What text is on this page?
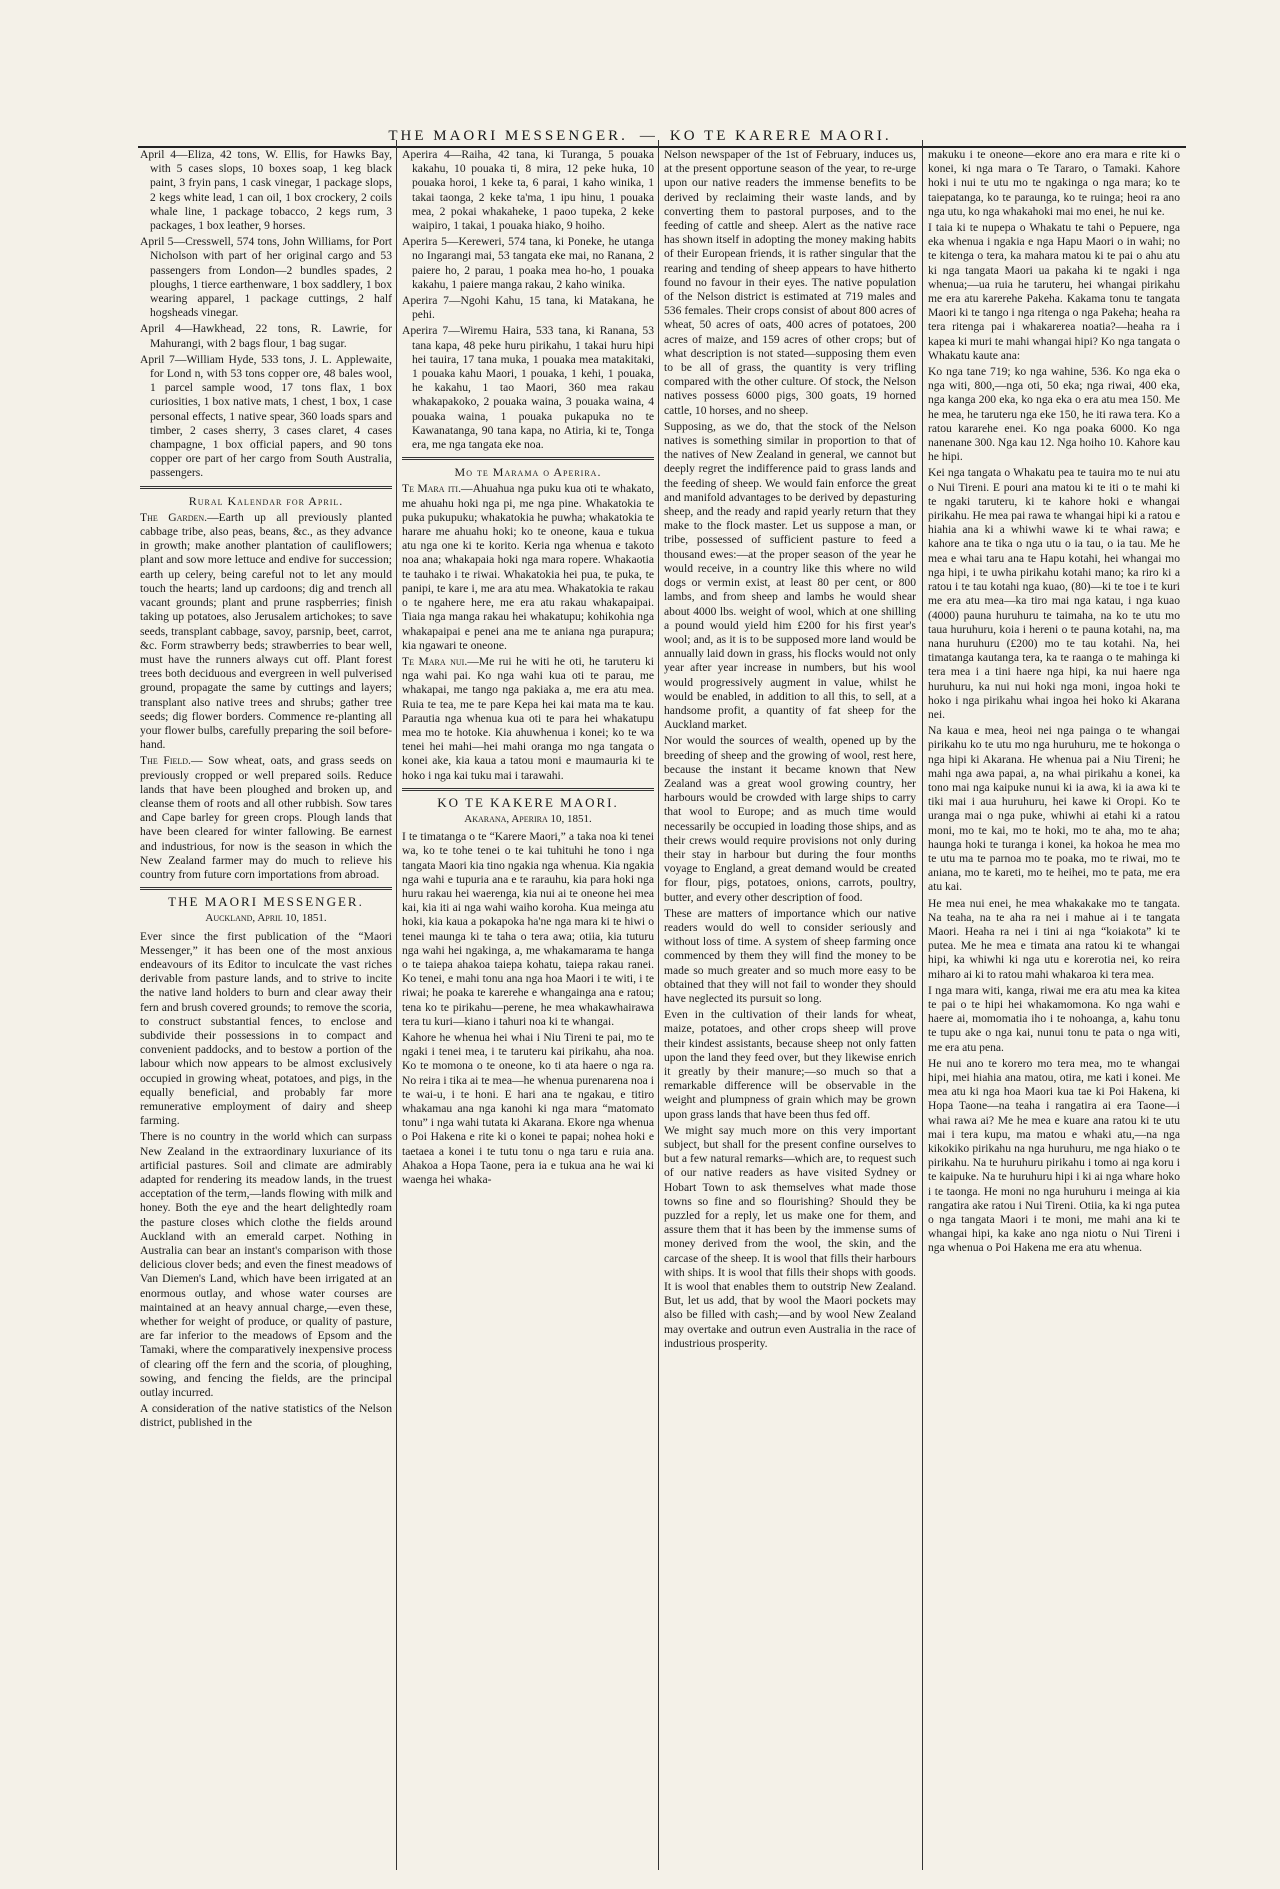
THE MAORI MESSENGER. — KO TE KARERE MAORI.

April 4—Eliza, 42 tons, W. Ellis, for Hawks Bay, with 5 cases slops, 10 boxes soap, 1 keg black paint, 3 fryin pans, 1 cask vinegar, 1 package slops, 2 kegs white lead, 1 can oil, 1 box crockery, 2 coils whale line, 1 package tobacco, 2 kegs rum, 3 packages, 1 box leather, 9 horses.

April 5—Cresswell, 574 tons, John Williams, for Port Nicholson with part of her original cargo and 53 passengers from London—2 bundles spades, 2 ploughs, 1 tierce earthenware, 1 box saddlery, 1 box wearing apparel, 1 package cuttings, 2 half hogsheads vinegar.

April 4—Hawkhead, 22 tons, R. Lawrie, for Mahurangi, with 2 bags flour, 1 bag sugar.

April 7—William Hyde, 533 tons, J. L. Applewaite, for Lond n, with 53 tons copper ore, 48 bales wool, 1 parcel sample wood, 17 tons flax, 1 box curiosities, 1 box native mats, 1 chest, 1 box, 1 case personal effects, 1 native spear, 360 loads spars and timber, 2 cases sherry, 3 cases claret, 4 cases champagne, 1 box official papers, and 90 tons copper ore part of her cargo from South Australia, passengers.

Rural Kalendar for April.

The Garden.—Earth up all previously planted cabbage tribe, also peas, beans, &c., as they advance in growth; make another plantation of cauliflowers; plant and sow more lettuce and endive for succession; earth up celery, being careful not to let any mould touch the hearts; land up cardoons; dig and trench all vacant grounds; plant and prune raspberries; finish taking up potatoes, also Jerusalem artichokes; to save seeds, transplant cabbage, savoy, parsnip, beet, carrot, &c. Form strawberry beds; strawberries to bear well, must have the runners always cut off. Plant forest trees both deciduous and evergreen in well pulverised ground, propagate the same by cuttings and layers; transplant also native trees and shrubs; gather tree seeds; dig flower borders. Commence re-planting all your flower bulbs, carefully preparing the soil before-hand.

The Field.— Sow wheat, oats, and grass seeds on previously cropped or well prepared soils. Reduce lands that have been ploughed and broken up, and cleanse them of roots and all other rubbish. Sow tares and Cape barley for green crops. Plough lands that have been cleared for winter fallowing. Be earnest and industrious, for now is the season in which the New Zealand farmer may do much to relieve his country from future corn importations from abroad.

THE MAORI MESSENGER.
Auckland, April 10, 1851.

Ever since the first publication of the “Maori Messenger,” it has been one of the most anxious endeavours of its Editor to inculcate the vast riches derivable from pasture lands, and to strive to incite the native land holders to burn and clear away their fern and brush covered grounds; to remove the scoria, to construct substantial fences, to enclose and subdivide their possessions in to compact and convenient paddocks, and to bestow a portion of the labour which now appears to be almost exclusively occupied in growing wheat, potatoes, and pigs, in the equally beneficial, and probably far more remunerative employment of dairy and sheep farming.

There is no country in the world which can surpass New Zealand in the extraordinary luxuriance of its artificial pastures. Soil and climate are admirably adapted for rendering its meadow lands, in the truest acceptation of the term,—lands flowing with milk and honey. Both the eye and the heart delightedly roam the pasture closes which clothe the fields around Auckland with an emerald carpet. Nothing in Australia can bear an instant's comparison with those delicious clover beds; and even the finest meadows of Van Diemen's Land, which have been irrigated at an enormous outlay, and whose water courses are maintained at an heavy annual charge,—even these, whether for weight of produce, or quality of pasture, are far inferior to the meadows of Epsom and the Tamaki, where the comparatively inexpensive process of clearing off the fern and the scoria, of ploughing, sowing, and fencing the fields, are the principal outlay incurred.

A consideration of the native statistics of the Nelson district, published in the

Aperira 4—Raiha, 42 tana, ki Turanga, 5 pouaka kakahu, 10 pouaka ti, 8 mira, 12 peke huka, 10 pouaka horoi, 1 keke ta, 6 parai, 1 kaho winika, 1 takai taonga, 2 keke ta'ma, 1 ipu hinu, 1 pouaka mea, 2 pokai whakaheke, 1 paoo tupeka, 2 keke waipiro, 1 takai, 1 pouaka hiako, 9 hoiho.

Aperira 5—Kereweri, 574 tana, ki Poneke, he utanga no Ingarangi mai, 53 tangata eke mai, no Ranana, 2 paiere ho, 2 parau, 1 poaka mea ho-ho, 1 pouaka kakahu, 1 paiere manga rakau, 2 kaho winika.

Aperira 7—Ngohi Kahu, 15 tana, ki Matakana, he pehi.

Aperira 7—Wiremu Haira, 533 tana, ki Ranana, 53 tana kapa, 48 peke huru pirikahu, 1 takai huru hipi hei tauira, 17 tana muka, 1 pouaka mea matakitaki, 1 pouaka kahu Maori, 1 pouaka, 1 kehi, 1 pouaka, he kakahu, 1 tao Maori, 360 mea rakau whakapakoko, 2 pouaka waina, 3 pouaka waina, 4 pouaka waina, 1 pouaka pukapuka no te Kawanatanga, 90 tana kapa, no Atiria, ki te, Tonga era, me nga tangata eke noa.

Mo te Marama o Aperira.

Te Mara iti.—Ahuahua nga puku kua oti te whakato, me ahuahu hoki nga pi, me nga pine. Whakatokia te puka pukupuku; whakatokia he puwha; whakatokia te harare me ahuahu hoki; ko te oneone, kaua e tukua atu nga one ki te korito. Keria nga whenua e takoto noa ana; whakapaia hoki nga mara ropere. Whakaotia te tauhako i te riwai. Whakatokia hei pua, te puka, te panipi, te kare i, me ara atu mea. Whakatokia te rakau o te ngahere here, me era atu rakau whakapaipai. Tiaia nga manga rakau hei whakatupu; kohikohia nga whakapaipai e penei ana me te aniana nga purapura; kia ngawari te oneone.

Te Mara nui.—Me rui he witi he oti, he taruteru ki nga wahi pai. Ko nga wahi kua oti te parau, me whakapai, me tango nga pakiaka a, me era atu mea. Ruia te tea, me te pare Kepa hei kai mata ma te kau. Parautia nga whenua kua oti te para hei whakatupu mea mo te hotoke. Kia ahuwhenua i konei; ko te wa tenei hei mahi—hei mahi oranga mo nga tangata o konei ake, kia kaua a tatou moni e maumauria ki te hoko i nga kai tuku mai i tarawahi.

KO TE KAKERE MAORI.
Akarana, Aperira 10, 1851.

I te timatanga o te “Karere Maori,” a taka noa ki tenei wa, ko te tohe tenei o te kai tuhituhi he tono i nga tangata Maori kia tino ngakia nga whenua. Kia ngakia nga wahi e tupuria ana e te rarauhu, kia para hoki nga huru rakau hei waerenga, kia nui ai te oneone hei mea kai, kia iti ai nga wahi waiho koroha. Kua meinga atu hoki, kia kaua a pokapoka ha'ne nga mara ki te hiwi o tenei maunga ki te taha o tera awa; otiia, kia tuturu nga wahi hei ngakinga, a, me whakamarama te hanga o te taiepa ahakoa taiepa kohatu, taiepa rakau ranei. Ko tenei, e mahi tonu ana nga hoa Maori i te witi, i te riwai; he poaka te karerehe e whangainga ana e ratou; tena ko te pirikahu—perene, he mea whakawhairawa tera tu kuri—kiano i tahuri noa ki te whangai.

Kahore he whenua hei whai i Niu Tireni te pai, mo te ngaki i tenei mea, i te taruteru kai pirikahu, aha noa. Ko te momona o te oneone, ko ti ata haere o nga ra. No reira i tika ai te mea—he whenua purenarena noa i te wai-u, i te honi. E hari ana te ngakau, e titiro whakamau ana nga kanohi ki nga mara “matomato tonu” i nga wahi tutata ki Akarana. Ekore nga whenua o Poi Hakena e rite ki o konei te papai; nohea hoki e taetaea a konei i te tutu tonu o nga taru e ruia ana. Ahakoa a Hopa Taone, pera ia e tukua ana he wai ki waenga hei whaka-

Nelson newspaper of the 1st of February, induces us, at the present opportune season of the year, to re-urge upon our native readers the immense benefits to be derived by reclaiming their waste lands, and by converting them to pastoral purposes, and to the feeding of cattle and sheep. Alert as the native race has shown itself in adopting the money making habits of their European friends, it is rather singular that the rearing and tending of sheep appears to have hitherto found no favour in their eyes. The native population of the Nelson district is estimated at 719 males and 536 females. Their crops consist of about 800 acres of wheat, 50 acres of oats, 400 acres of potatoes, 200 acres of maize, and 159 acres of other crops; but of what description is not stated—supposing them even to be all of grass, the quantity is very trifling compared with the other culture. Of stock, the Nelson natives possess 6000 pigs, 300 goats, 19 horned cattle, 10 horses, and no sheep.

Supposing, as we do, that the stock of the Nelson natives is something similar in proportion to that of the natives of New Zealand in general, we cannot but deeply regret the indifference paid to grass lands and the feeding of sheep. We would fain enforce the great and manifold advantages to be derived by depasturing sheep, and the ready and rapid yearly return that they make to the flock master. Let us suppose a man, or tribe, possessed of sufficient pasture to feed a thousand ewes:—at the proper season of the year he would receive, in a country like this where no wild dogs or vermin exist, at least 80 per cent, or 800 lambs, and from sheep and lambs he would shear about 4000 lbs. weight of wool, which at one shilling a pound would yield him £200 for his first year's wool; and, as it is to be supposed more land would be annually laid down in grass, his flocks would not only year after year increase in numbers, but his wool would progressively augment in value, whilst he would be enabled, in addition to all this, to sell, at a handsome profit, a quantity of fat sheep for the Auckland market.

Nor would the sources of wealth, opened up by the breeding of sheep and the growing of wool, rest here, because the instant it became known that New Zealand was a great wool growing country, her harbours would be crowded with large ships to carry that wool to Europe; and as much time would necessarily be occupied in loading those ships, and as their crews would require provisions not only during their stay in harbour but during the four months voyage to England, a great demand would be created for flour, pigs, potatoes, onions, carrots, poultry, butter, and every other description of food.

These are matters of importance which our native readers would do well to consider seriously and without loss of time. A system of sheep farming once commenced by them they will find the money to be made so much greater and so much more easy to be obtained that they will not fail to wonder they should have neglected its pursuit so long.

Even in the cultivation of their lands for wheat, maize, potatoes, and other crops sheep will prove their kindest assistants, because sheep not only fatten upon the land they feed over, but they likewise enrich it greatly by their manure;—so much so that a remarkable difference will be observable in the weight and plumpness of grain which may be grown upon grass lands that have been thus fed off.

We might say much more on this very important subject, but shall for the present confine ourselves to but a few natural remarks—which are, to request such of our native readers as have visited Sydney or Hobart Town to ask themselves what made those towns so fine and so flourishing? Should they be puzzled for a reply, let us make one for them, and assure them that it has been by the immense sums of money derived from the wool, the skin, and the carcase of the sheep. It is wool that fills their harbours with ships. It is wool that fills their shops with goods. It is wool that enables them to outstrip New Zealand. But, let us add, that by wool the Maori pockets may also be filled with cash;—and by wool New Zealand may overtake and outrun even Australia in the race of industrious prosperity.

makuku i te oneone—ekore ano era mara e rite ki o konei, ki nga mara o Te Tararo, o Tamaki. Kahore hoki i nui te utu mo te ngakinga o nga mara; ko te taiepatanga, ko te paraunga, ko te ruinga; heoi ra ano nga utu, ko nga whakahoki mai mo enei, he nui ke.

I taia ki te nupepa o Whakatu te tahi o Pepuere, nga eka whenua i ngakia e nga Hapu Maori o in wahi; no te kitenga o tera, ka mahara matou ki te pai o ahu atu ki nga tangata Maori ua pakaha ki te ngaki i nga whenua;—ua ruia he taruteru, hei whangai pirikahu me era atu karerehe Pakeha. Kakama tonu te tangata Maori ki te tango i nga ritenga o nga Pakeha; heaha ra tera ritenga pai i whakarerea noatia?—heaha ra i kapea ki muri te mahi whangai hipi? Ko nga tangata o Whakatu kaute ana:

Ko nga tane 719; ko nga wahine, 536. Ko nga eka o nga witi, 800,—nga oti, 50 eka; nga riwai, 400 eka, nga kanga 200 eka, ko nga eka o era atu mea 150. Me he mea, he taruteru nga eke 150, he iti rawa tera. Ko a ratou kararehe enei. Ko nga poaka 6000. Ko nga nanenane 300. Nga kau 12. Nga hoiho 10. Kahore kau he hipi.

Kei nga tangata o Whakatu pea te tauira mo te nui atu o Nui Tireni. E pouri ana matou ki te iti o te mahi ki te ngaki taruteru, ki te kahore hoki e whangai pirikahu. He mea pai rawa te whangai hipi ki a ratou e hiahia ana ki a whiwhi wawe ki te whai rawa; e kahore ana te tika o nga utu o ia tau, o ia tau. Me he mea e whai taru ana te Hapu kotahi, hei whangai mo nga hipi, i te uwha pirikahu kotahi mano; ka riro ki a ratou i te tau kotahi nga kuao, (80)—ki te toe i te kuri me era atu mea—ka tiro mai nga katau, i nga kuao (4000) pauna huruhuru te taimaha, na ko te utu mo taua huruhuru, koia i hereni o te pauna kotahi, na, ma nana huruhuru (£200) mo te tau kotahi. Na, hei timatanga kautanga tera, ka te raanga o te mahinga ki tera mea i a tini haere nga hipi, ka nui haere nga huruhuru, ka nui nui hoki nga moni, ingoa hoki te hoko i nga pirikahu whai ingoa hei hoko ki Akarana nei.

Na kaua e mea, heoi nei nga painga o te whangai pirikahu ko te utu mo nga huruhuru, me te hokonga o nga hipi ki Akarana. He whenua pai a Niu Tireni; he mahi nga awa papai, a, na whai pirikahu a konei, ka tono mai nga kaipuke nunui ki ia awa, ki ia awa ki te tiki mai i aua huruhuru, hei kawe ki Oropi. Ko te uranga mai o nga puke, whiwhi ai etahi ki a ratou moni, mo te kai, mo te hoki, mo te aha, mo te aha; haunga hoki te turanga i konei, ka hokoa he mea mo te utu ma te parnoa mo te poaka, mo te riwai, mo te aniana, mo te kareti, mo te heihei, mo te pata, me era atu kai.

He mea nui enei, he mea whakakake mo te tangata. Na teaha, na te aha ra nei i mahue ai i te tangata Maori. Heaha ra nei i tini ai nga “koiakota” ki te putea. Me he mea e timata ana ratou ki te whangai hipi, ka whiwhi ki nga utu e korerotia nei, ko reira miharo ai ki to ratou mahi whakaroa ki tera mea.

I nga mara witi, kanga, riwai me era atu mea ka kitea te pai o te hipi hei whakamomona. Ko nga wahi e haere ai, momomatia iho i te nohoanga, a, kahu tonu te tupu ake o nga kai, nunui tonu te pata o nga witi, me era atu pena.

He nui ano te korero mo tera mea, mo te whangai hipi, mei hiahia ana matou, otira, me kati i konei. Me mea atu ki nga hoa Maori kua tae ki Poi Hakena, ki Hopa Taone—na teaha i rangatira ai era Taone—i whai rawa ai? Me he mea e kuare ana ratou ki te utu mai i tera kupu, ma matou e whaki atu,—na nga kikokiko pirikahu na nga huruhuru, me nga hiako o te pirikahu. Na te huruhuru pirikahu i tomo ai nga koru i te kaipuke. Na te huruhuru hipi i ki ai nga whare hoko i te taonga. He moni no nga huruhuru i meinga ai kia rangatira ake ratou i Nui Tireni. Otiia, ka ki nga putea o nga tangata Maori i te moni, me mahi ana ki te whangai hipi, ka kake ano nga niotu o Nui Tireni i nga whenua o Poi Hakena me era atu whenua.
